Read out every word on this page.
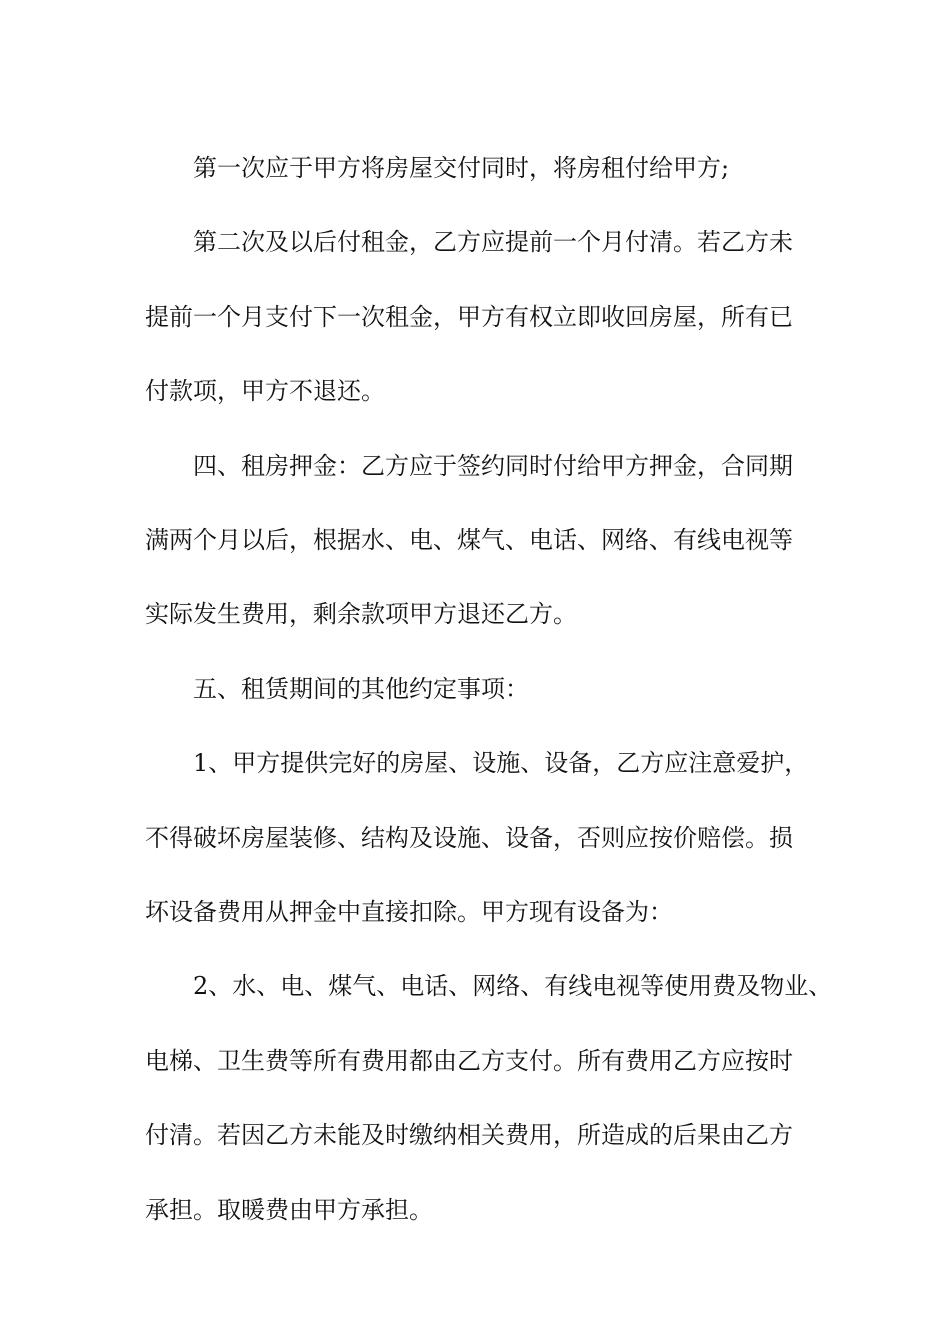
第一次应于甲方将房屋交付同时，将房租付给甲方;

第二次及以后付租金，乙方应提前一个月付清。若乙方未
提前一个月支付下一次租金，甲方有权立即收回房屋，所有已
付款项，甲方不退还。

四、租房押金：乙方应于签约同时付给甲方押金，合同期
满两个月以后，根据水、电、煤气、电话、网络、有线电视等
实际发生费用，剩余款项甲方退还乙方。

五、租赁期间的其他约定事项：

1、甲方提供完好的房屋、设施、设备，乙方应注意爱护，
不得破坏房屋装修、结构及设施、设备，否则应按价赔偿。损
坏设备费用从押金中直接扣除。甲方现有设备为：

2、水、电、煤气、电话、网络、有线电视等使用费及物业、
电梯、卫生费等所有费用都由乙方支付。所有费用乙方应按时
付清。若因乙方未能及时缴纳相关费用，所造成的后果由乙方
承担。取暖费由甲方承担。
